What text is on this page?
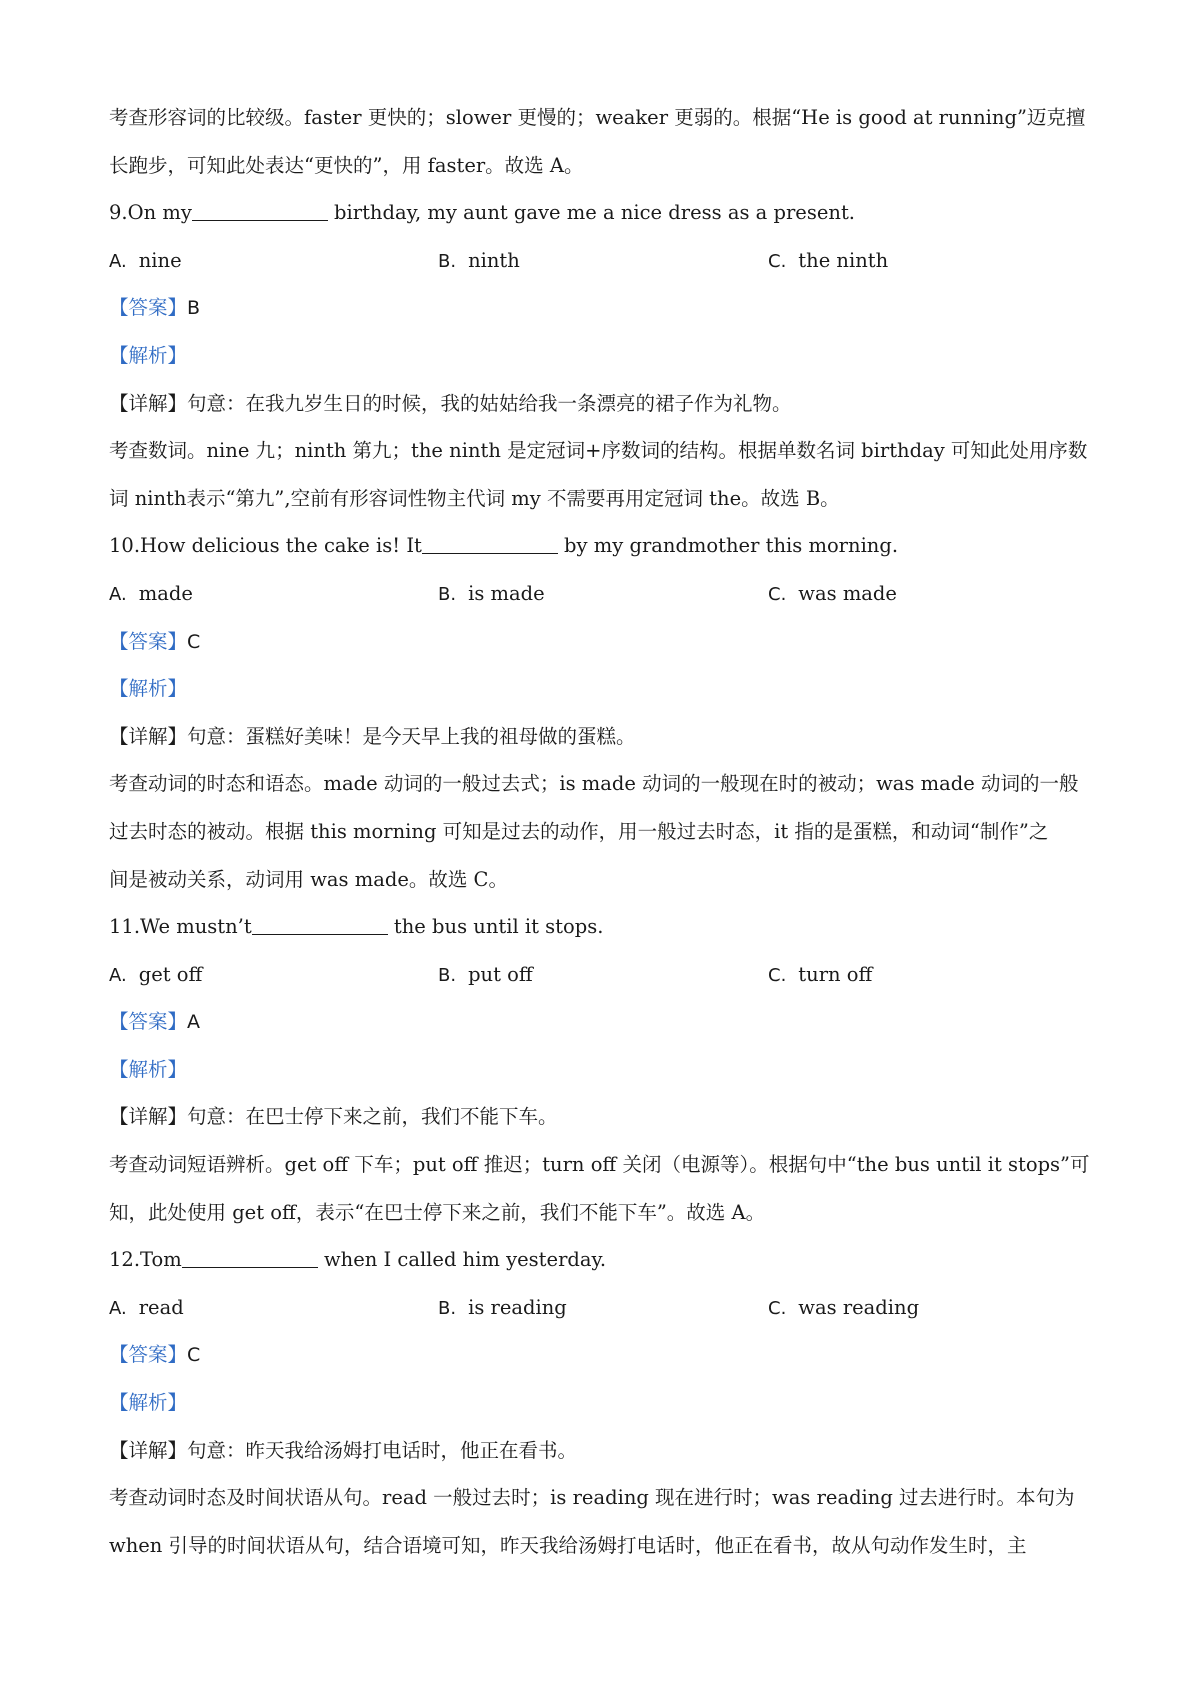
考查形容词的比较级。faster 更快的；slower 更慢的；weaker 更弱的。根据“He is good at running”迈克擅
长跑步，可知此处表达“更快的”，用 faster。故选 A。
9.On my	birthday, my aunt gave me a nice dress as a present.
A. nine	B. ninth	C. the ninth
【答案】B
【解析】
【详解】句意：在我九岁生日的时候，我的姑姑给我一条漂亮的裙子作为礼物。
考查数词。nine 九；ninth 第九；the ninth 是定冠词+序数词的结构。根据单数名词 birthday 可知此处用序数
词 ninth表示“第九”,空前有形容词性物主代词 my 不需要再用定冠词 the。故选 B。
10.How delicious the cake is! It	by my grandmother this morning.
A. made	B. is made	C. was made
【答案】C
【解析】
【详解】句意：蛋糕好美味！是今天早上我的祖母做的蛋糕。
考查动词的时态和语态。made 动词的一般过去式；is made 动词的一般现在时的被动；was made 动词的一般
过去时态的被动。根据 this morning 可知是过去的动作，用一般过去时态，it 指的是蛋糕，和动词“制作”之
间是被动关系，动词用 was made。故选 C。
11.We mustn’t	the bus until it stops.
A. get off	B. put off	C. turn off
【答案】A
【解析】
【详解】句意：在巴士停下来之前，我们不能下车。
考查动词短语辨析。get off 下车；put off 推迟；turn off 关闭（电源等）。根据句中“the bus until it stops”可
知，此处使用 get off，表示“在巴士停下来之前，我们不能下车”。故选 A。
12.Tom	when I called him yesterday.
A. read	B. is reading	C. was reading
【答案】C
【解析】
【详解】句意：昨天我给汤姆打电话时，他正在看书。
考查动词时态及时间状语从句。read 一般过去时；is reading 现在进行时；was reading 过去进行时。本句为
when 引导的时间状语从句，结合语境可知，昨天我给汤姆打电话时，他正在看书，故从句动作发生时，主
